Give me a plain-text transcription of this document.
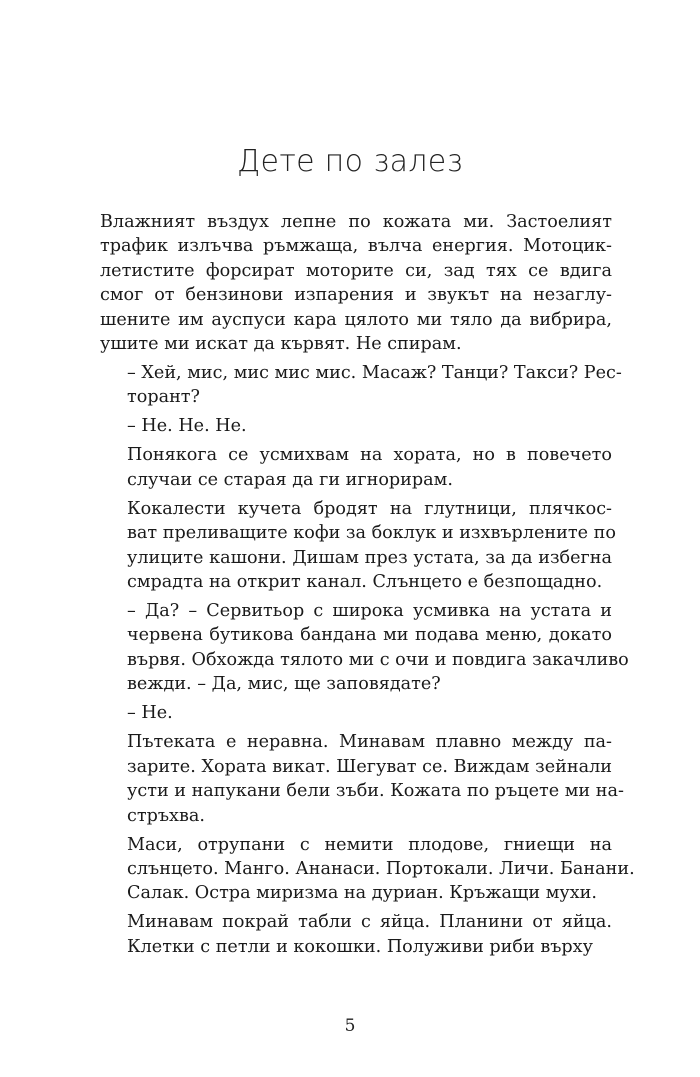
Дете по залез

Влажният въздух лепне по кожата ми. Застоелият
трафик излъчва ръмжаща, вълча енергия. Мотоцик-
летистите форсират моторите си, зад тях се вдига
смог от бензинови изпарения и звукът на незаглу-
шените им ауспуси кара цялото ми тяло да вибрира,
ушите ми искат да кървят. Не спирам.

– Хей, мис, мис мис мис. Масаж? Танци? Такси? Рес-
торант?

– Не. Не. Не.

Понякога се усмихвам на хората, но в повечето
случаи се старая да ги игнорирам.

Кокалести кучета бродят на глутници, плячкос-
ват преливащите кофи за боклук и изхвърлените по
улиците кашони. Дишам през устата, за да избегна
смрадта на открит канал. Слънцето е безпощадно.

– Да? – Сервитьор с широка усмивка на устата и
червена бутикова бандана ми подава меню, докато
вървя. Обхожда тялото ми с очи и повдига закачливо
вежди. – Да, мис, ще заповядате?

– Не.

Пътеката е неравна. Минавам плавно между па-
зарите. Хората викат. Шегуват се. Виждам зейнали
усти и напукани бели зъби. Кожата по ръцете ми на-
стръхва.

Маси, отрупани с немити плодове, гниещи на
слънцето. Манго. Ананаси. Портокали. Личи. Банани.
Салак. Остра миризма на дуриан. Кръжащи мухи.

Минавам покрай табли с яйца. Планини от яйца.
Клетки с петли и кокошки. Полуживи риби върху

5
